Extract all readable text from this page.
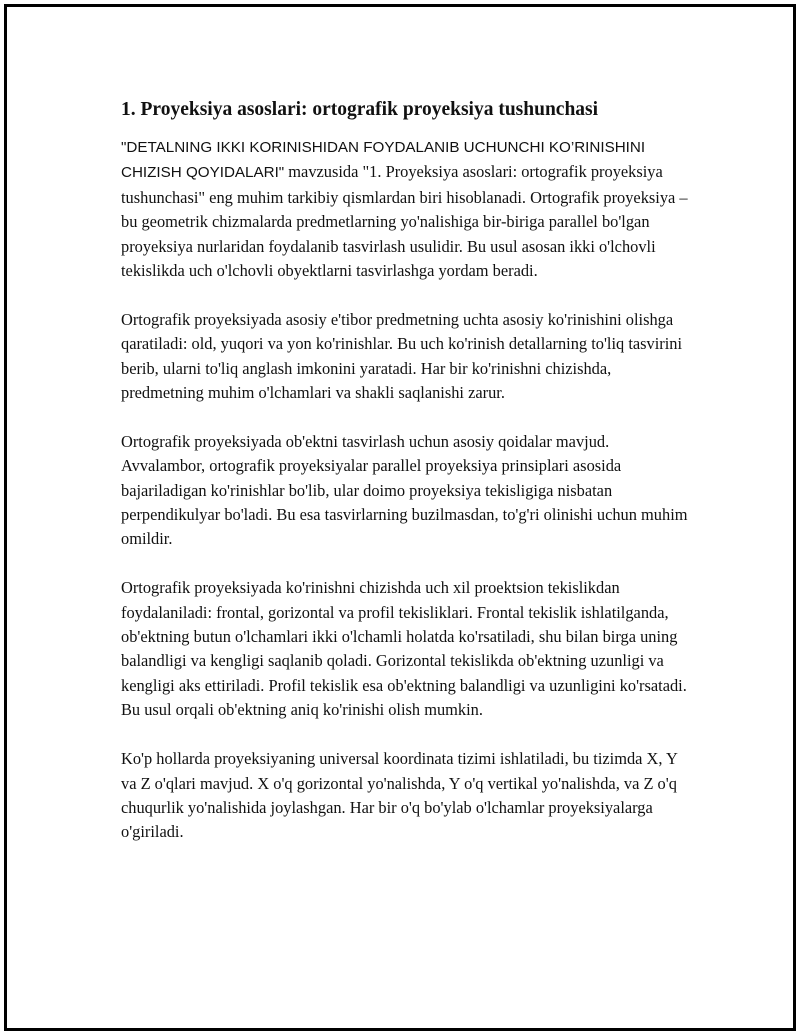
1. Proyeksiya asoslari: ortografik proyeksiya tushunchasi

"DETALNING IKKI KORINISHIDAN FOYDALANIB UCHUNCHI KO’RINISHINI CHIZISH QOYIDALARI" mavzusida "1. Proyeksiya asoslari: ortografik proyeksiya tushunchasi" eng muhim tarkibiy qismlardan biri hisoblanadi. Ortografik proyeksiya – bu geometrik chizmalarda predmetlarning yo'nalishiga bir-biriga parallel bo'lgan proyeksiya nurlaridan foydalanib tasvirlash usulidir. Bu usul asosan ikki o'lchovli tekislikda uch o'lchovli obyektlarni tasvirlashga yordam beradi.

Ortografik proyeksiyada asosiy e'tibor predmetning uchta asosiy ko'rinishini olishga qaratiladi: old, yuqori va yon ko'rinishlar. Bu uch ko'rinish detallarning to'liq tasvirini berib, ularni to'liq anglash imkonini yaratadi. Har bir ko'rinishni chizishda, predmetning muhim o'lchamlari va shakli saqlanishi zarur.

Ortografik proyeksiyada ob'ektni tasvirlash uchun asosiy qoidalar mavjud. Avvalambor, ortografik proyeksiyalar parallel proyeksiya prinsiplari asosida bajariladigan ko'rinishlar bo'lib, ular doimo proyeksiya tekisligiga nisbatan perpendikulyar bo'ladi. Bu esa tasvirlarning buzilmasdan, to'g'ri olinishi uchun muhim omildir.

Ortografik proyeksiyada ko'rinishni chizishda uch xil proektsion tekislikdan foydalaniladi: frontal, gorizontal va profil tekisliklari. Frontal tekislik ishlatilganda, ob'ektning butun o'lchamlari ikki o'lchamli holatda ko'rsatiladi, shu bilan birga uning balandligi va kengligi saqlanib qoladi. Gorizontal tekislikda ob'ektning uzunligi va kengligi aks ettiriladi. Profil tekislik esa ob'ektning balandligi va uzunligini ko'rsatadi. Bu usul orqali ob'ektning aniq ko'rinishi olish mumkin.

Ko'p hollarda proyeksiyaning universal koordinata tizimi ishlatiladi, bu tizimda X, Y va Z o'qlari mavjud. X o'q gorizontal yo'nalishda, Y o'q vertikal yo'nalishda, va Z o'q chuqurlik yo'nalishida joylashgan. Har bir o'q bo'ylab o'lchamlar proyeksiyalarga o'giriladi.
